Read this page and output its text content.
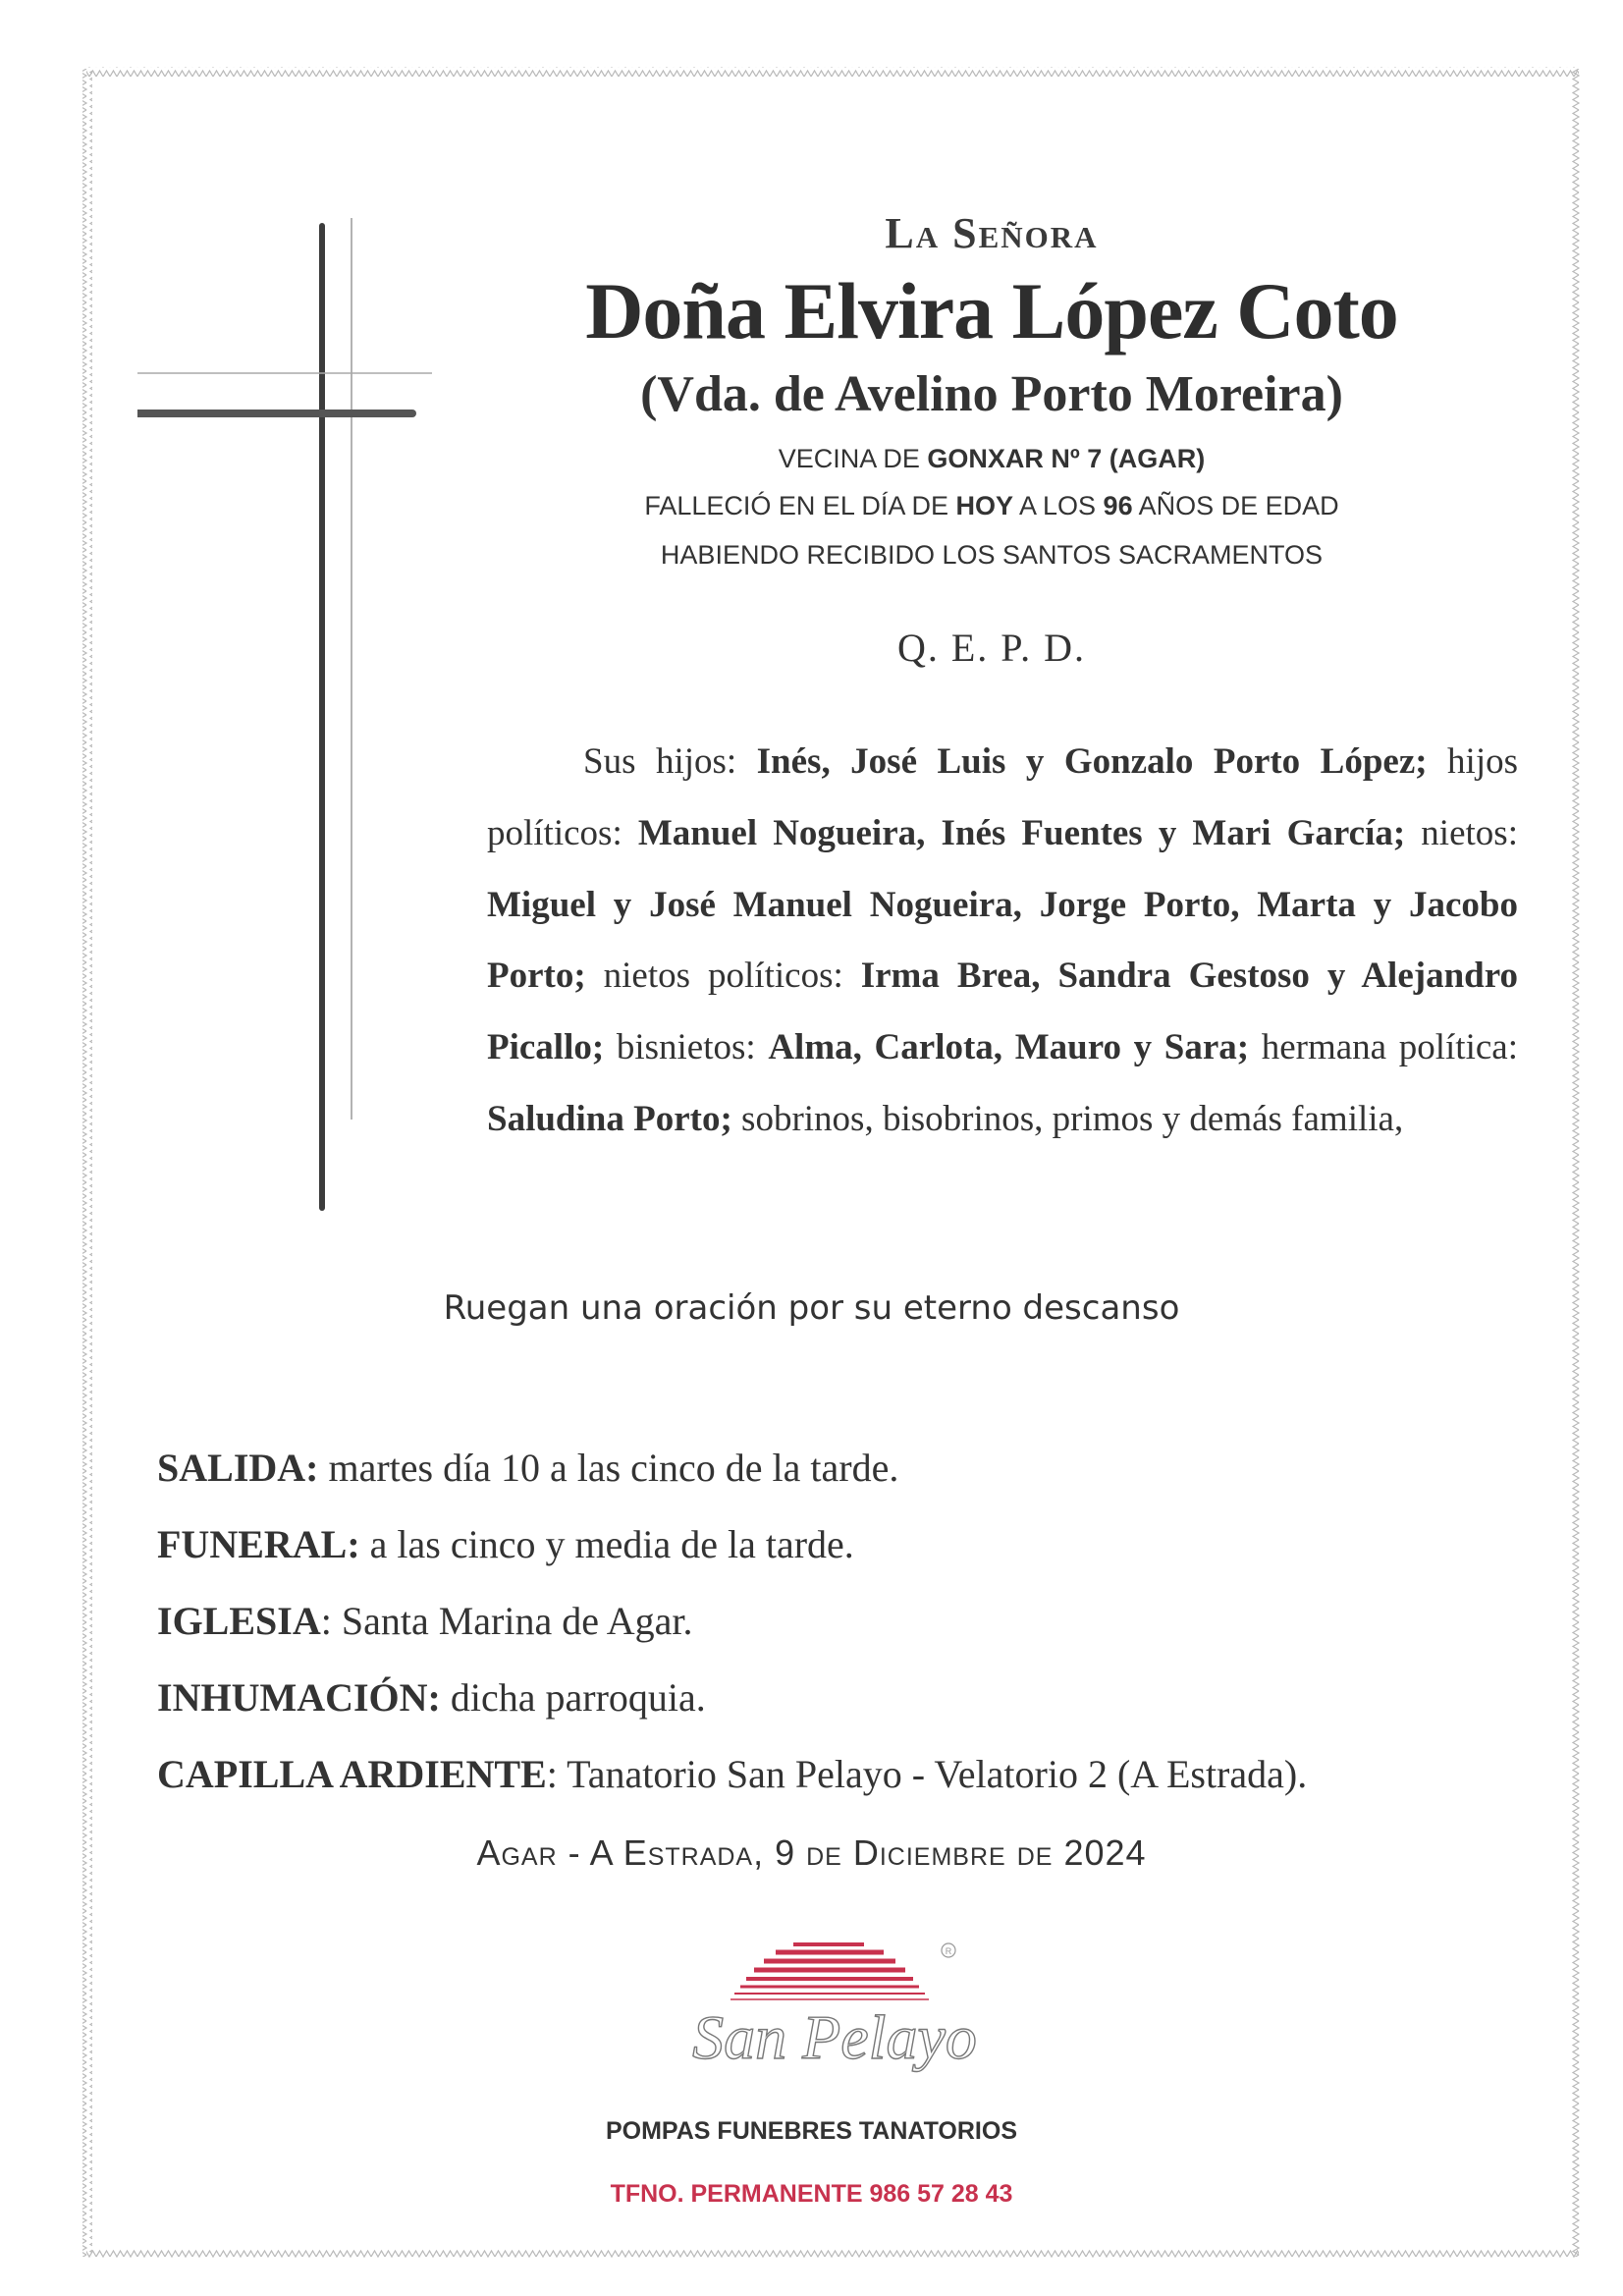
La Señora
Doña Elvira López Coto
(Vda. de Avelino Porto Moreira)
VECINA DE GONXAR Nº 7 (AGAR)
FALLECIÓ EN EL DÍA DE HOY A LOS 96 AÑOS DE EDAD
HABIENDO RECIBIDO LOS SANTOS SACRAMENTOS
Q. E. P. D.
Sus hijos: Inés, José Luis y Gonzalo Porto López; hijos políticos: Manuel Nogueira, Inés Fuentes y Mari García; nietos: Miguel y José Manuel Nogueira, Jorge Porto, Marta y Jacobo Porto; nietos políticos: Irma Brea, Sandra Gestoso y Alejandro Picallo; bisnietos: Alma, Carlota, Mauro y Sara; hermana política: Saludina Porto; sobrinos, bisobrinos, primos y demás familia,
Ruegan una oración por su eterno descanso
SALIDA: martes día 10 a las cinco de la tarde.
FUNERAL: a las cinco y media de la tarde.
IGLESIA: Santa Marina de Agar.
INHUMACIÓN: dicha parroquia.
CAPILLA ARDIENTE: Tanatorio San Pelayo - Velatorio 2 (A Estrada).
Agar - A Estrada, 9 de Diciembre de 2024
R
San Pelayo
POMPAS FUNEBRES TANATORIOS
TFNO. PERMANENTE 986 57 28 43
